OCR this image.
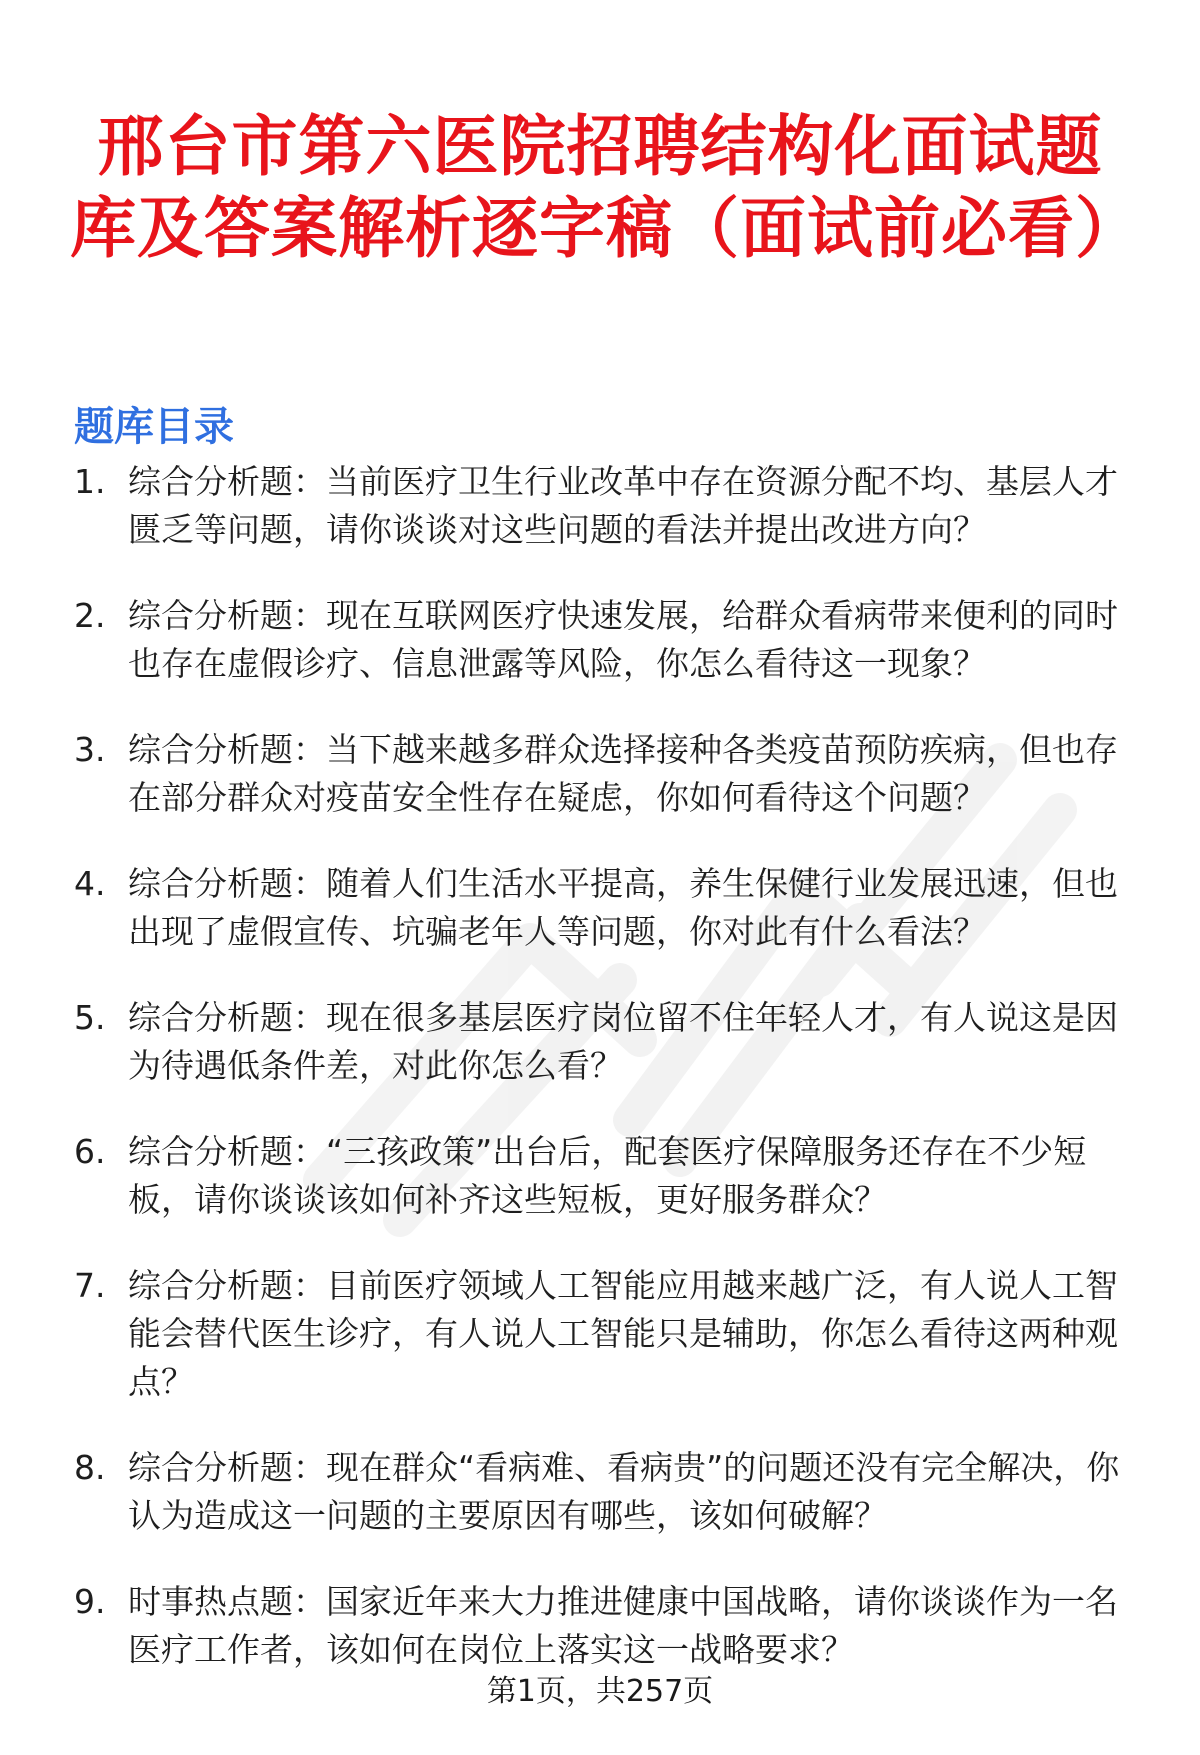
邢台市第六医院招聘结构化面试题库及答案解析逐字稿（面试前必看）
题库目录
1. 综合分析题：当前医疗卫生行业改革中存在资源分配不均、基层人才匮乏等问题，请你谈谈对这些问题的看法并提出改进方向？
2. 综合分析题：现在互联网医疗快速发展，给群众看病带来便利的同时也存在虚假诊疗、信息泄露等风险，你怎么看待这一现象？
3. 综合分析题：当下越来越多群众选择接种各类疫苗预防疾病，但也存在部分群众对疫苗安全性存在疑虑，你如何看待这个问题？
4. 综合分析题：随着人们生活水平提高，养生保健行业发展迅速，但也出现了虚假宣传、坑骗老年人等问题，你对此有什么看法？
5. 综合分析题：现在很多基层医疗岗位留不住年轻人才，有人说这是因为待遇低条件差，对此你怎么看？
6. 综合分析题：“三孩政策”出台后，配套医疗保障服务还存在不少短板，请你谈谈该如何补齐这些短板，更好服务群众？
7. 综合分析题：目前医疗领域人工智能应用越来越广泛，有人说人工智能会替代医生诊疗，有人说人工智能只是辅助，你怎么看待这两种观点？
8. 综合分析题：现在群众“看病难、看病贵”的问题还没有完全解决，你认为造成这一问题的主要原因有哪些，该如何破解？
9. 时事热点题：国家近年来大力推进健康中国战略，请你谈谈作为一名医疗工作者，该如何在岗位上落实这一战略要求？
第1页，共257页
